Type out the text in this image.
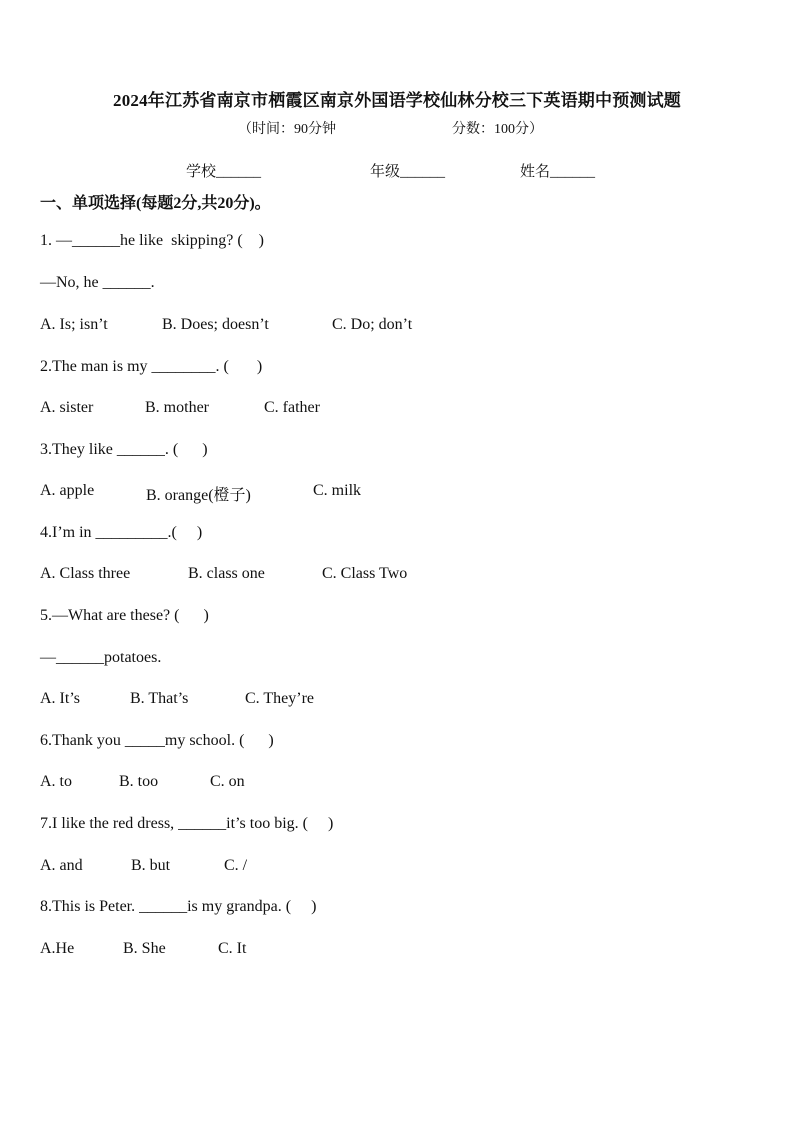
2024年江苏省南京市栖霞区南京外国语学校仙林分校三下英语期中预测试题
（时间：90分钟	分数：100分）
学校______	年级______	姓名______
一、单项选择(每题2分,共20分)。
1. —______he like  skipping? (    )
—No, he ______.
A. Is; isn’t	B. Does; doesn’t	C. Do; don’t
2.The man is my ________. (       )
A. sister	B. mother	C. father
3.They like ______. (      )
A. apple	B. orange(橙子)	C. milk
4.I’m in _________.(     )
A. Class three	B. class one	C. Class Two
5.—What are these? (      )
—______potatoes.
A. It’s	B. That’s	C. They’re
6.Thank you _____my school. (      )
A. to	B. too	C. on
7.I like the red dress, ______it’s too big. (     )
A. and	B. but	C. /
8.This is Peter. ______is my grandpa. (     )
A.He	B. She	C. It
